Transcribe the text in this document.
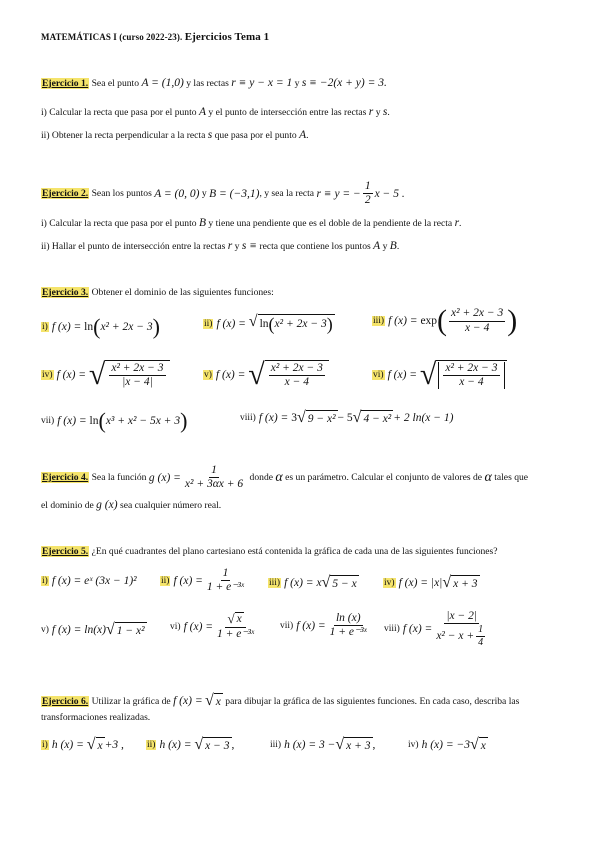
MATEMÁTICAS I (curso 2022-23). Ejercicios Tema 1
Ejercicio 1. Sea el punto A = (1,0) y las rectas r ≡ y − x = 1 y s ≡ −2(x + y) = 3.
i) Calcular la recta que pasa por el punto A y el punto de intersección entre las rectas r y s.
ii) Obtener la recta perpendicular a la recta s que pasa por el punto A.
Ejercicio 2.
Sean los puntos
A = (0, 0)
y
B = (−3,1) , y sea la recta
r ≡ y = − $\frac{1}{2}$ x − 5 .
i) Calcular la recta que pasa por el punto B y tiene una pendiente que es el doble de la pendiente de la recta r.
ii) Hallar el punto de intersección entre la rectas r y s ≡ recta que contiene los puntos A y B.
Ejercicio 3. Obtener el dominio de las siguientes funciones:
i) f (x) =
ln ( x² + 2x − 3 )	ii) f (x) =
√ ln ( x² + 2x − 3 )	iii) f (x) =
exp ( $\frac{\text{x² + 2x − 3}}{x - 4}$ )
iv) f (x) =
√ $\frac{\text{x² + 2x − 3}}{|x - 4|}$	v) f (x) =
√ $\frac{\text{x² + 2x − 3}}{x - 4}$	vi) f (x) =
√ $\frac{\text{x² + 2x − 3}}{x - 4}$
vii) f (x) =
ln ( x³ + x² − 5x + 3 )	viii) f (x) =
3 √ 9 − x² − 5 √ 4 − x² + 2 ln(x − 1)
Ejercicio 4.
Sea la función
g $(x) = \frac{1}{\text{x² + 3αx + 6}}$
donde
α
es un parámetro. Calcular el conjunto de valores de
α
tales que
el dominio de g (x) sea cualquier número real.
Ejercicio 5. ¿En qué cuadrantes del plano cartesiano está contenida la gráfica de cada una de las siguientes funciones?
i) f (x) =
eˣ (3x − 1)²	ii) f $(x) = \frac{1}{\text{1 + e⁻³ˣ}} iii$) f (x) =
x √ 5 − x	iv) f (x) =
|x| √ x + 3
v) f (x) =
ln(x) √ 1 − x²	vi) f $(x) = \frac{√ x}{\text{1 + e⁻³ˣ}}$	vii) f $(x) = \frac{\ln (x)}{\text{1 + e⁻³ˣ}}$ viii) f $(x) = \frac{|x - 2|}{x^2 - x + \frac{1}{4}}$
Ejercicio 6.
Utilizar la gráfica de
f (x) =
√ x
para dibujar la gráfica de las siguientes funciones. En cada caso, describa las
transformaciones realizadas.
i) h (x) =
√ x +3 , ii) h (x) =
√ x − 3 ,	iii) h (x) =
3 − √ x + 3 ,	iv) h (x) =
−3 √ x
